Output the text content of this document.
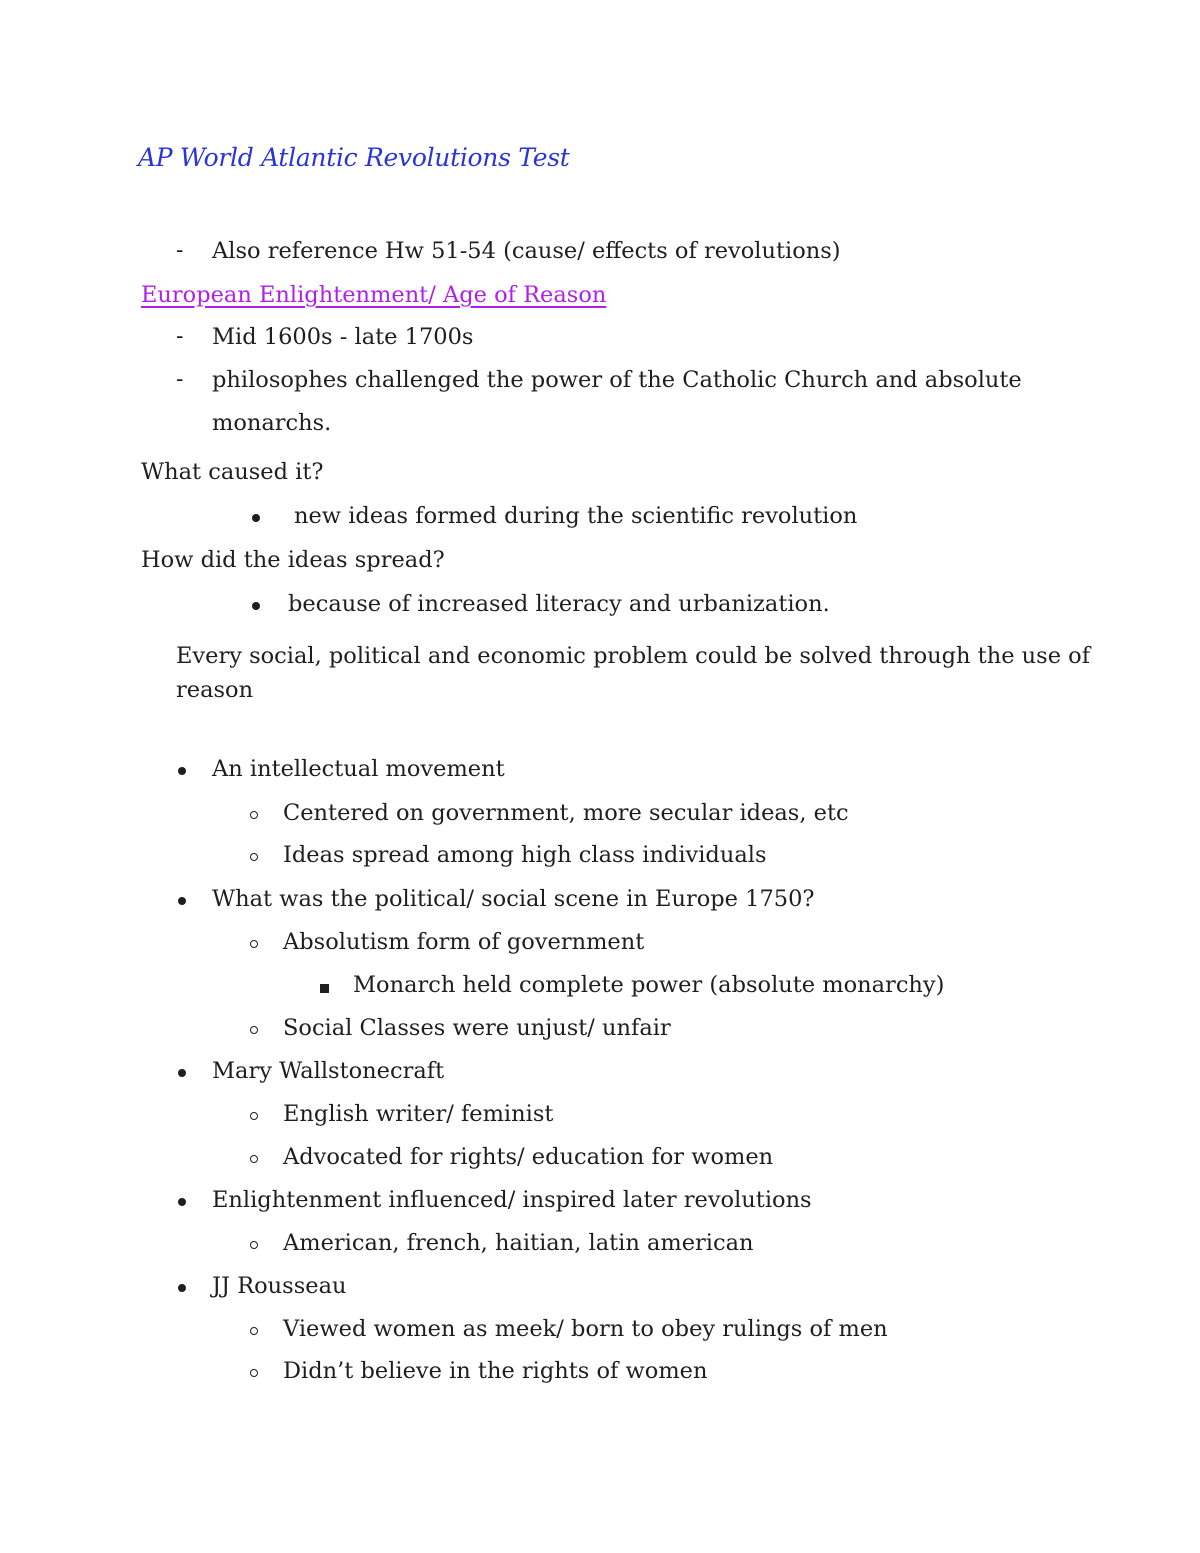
AP World Atlantic Revolutions Test
- Also reference Hw 51-54 (cause/ effects of revolutions)
European Enlightenment/ Age of Reason
- Mid 1600s - late 1700s
- philosophes challenged the power of the Catholic Church and absolute
monarchs.
What caused it?
new ideas formed during the scientific revolution
How did the ideas spread?
because of increased literacy and urbanization.
Every social, political and economic problem could be solved through the use of
reason
An intellectual movement
Centered on government, more secular ideas, etc
Ideas spread among high class individuals
What was the political/ social scene in Europe 1750?
Absolutism form of government
Monarch held complete power (absolute monarchy)
Social Classes were unjust/ unfair
Mary Wallstonecraft
English writer/ feminist
Advocated for rights/ education for women
Enlightenment influenced/ inspired later revolutions
American, french, haitian, latin american
JJ Rousseau
Viewed women as meek/ born to obey rulings of men
Didn’t believe in the rights of women
